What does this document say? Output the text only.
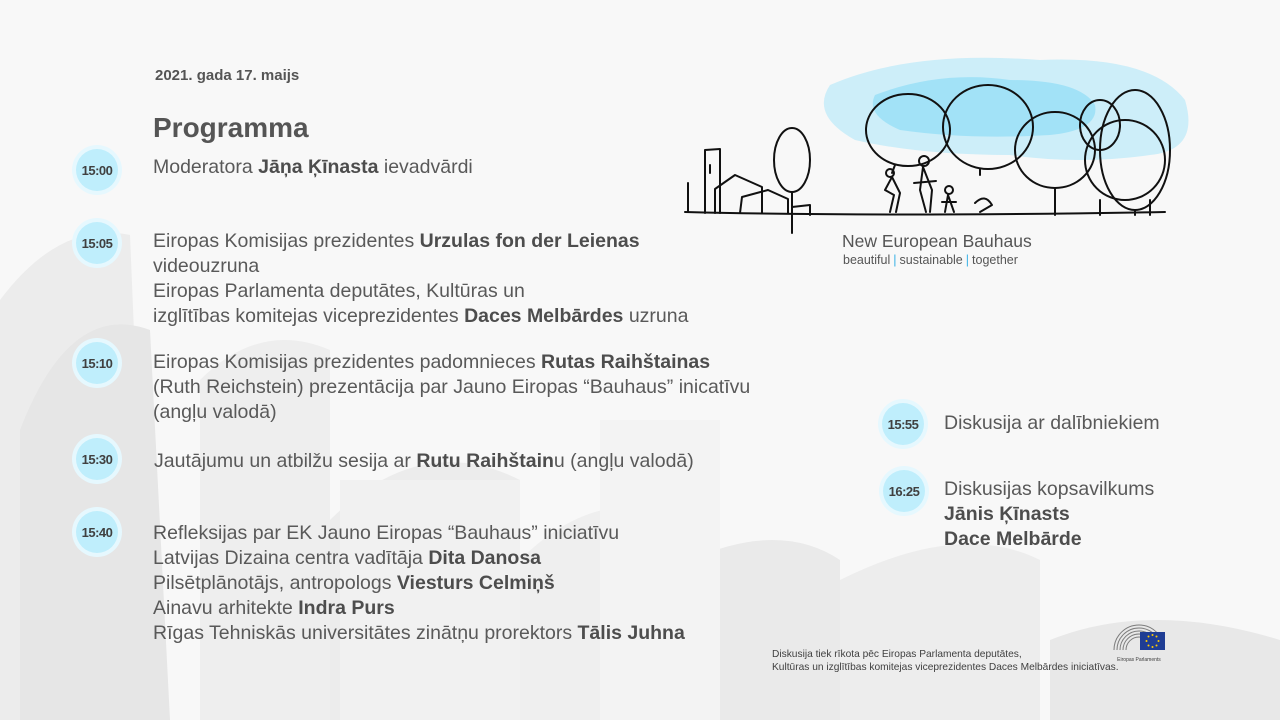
2021. gada 17. maijs
Programma
15:00 Moderatora Jāņa Ķīnasta ievadvārdi
15:05 Eiropas Komisijas prezidentes Urzulas fon der Leienas
videouzruna
Eiropas Parlamenta deputātes, Kultūras un
izglītības komitejas viceprezidentes Daces Melbārdes uzruna
15:10 Eiropas Komisijas prezidentes padomnieces Rutas Raihštainas
(Ruth Reichstein) prezentācija par Jauno Eiropas “Bauhaus” inicatīvu
(angļu valodā)
15:30 Jautājumu un atbilžu sesija ar Rutu Raihštainu (angļu valodā)
15:40 Refleksijas par EK Jauno Eiropas “Bauhaus” iniciatīvu
Latvijas Dizaina centra vadītāja Dita Danosa
Pilsētplānotājs, antropologs Viesturs Celmiņš
Ainavu arhitekte Indra Purs
Rīgas Tehniskās universitātes zinātņu prorektors Tālis Juhna
15:55 Diskusija ar dalībniekiem
16:25 Diskusijas kopsavilkums
Jānis Ķīnasts
Dace Melbārde
New European Bauhaus
beautiful | sustainable | together
Eiropas Parlaments
Diskusija tiek rīkota pēc Eiropas Parlamenta deputātes,
Kultūras un izglītības komitejas viceprezidentes Daces Melbārdes iniciatīvas.
